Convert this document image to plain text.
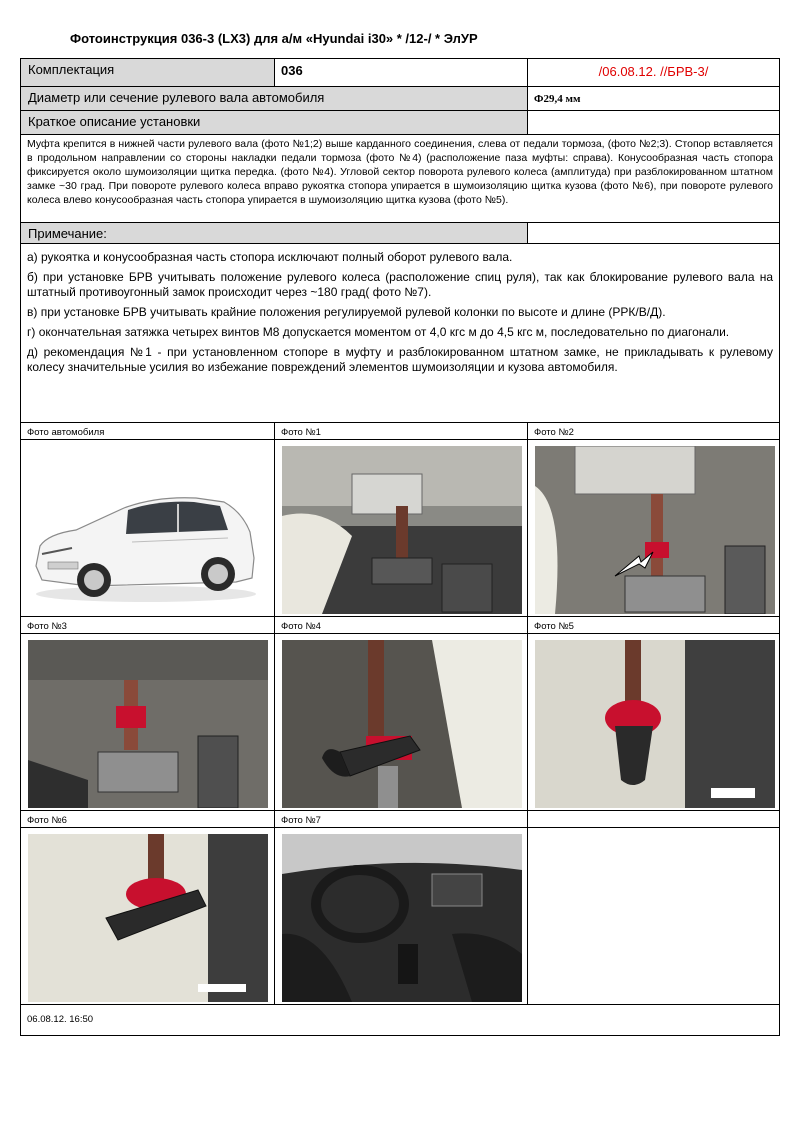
Фотоинструкция 036-3 (LX3) для а/м «Hyundai i30» * /12-/ * ЭлУР
Комплектация	036	/06.08.12. //БРВ-3/
Диаметр или сечение рулевого вала автомобиля		Ф29,4 мм
Краткое описание установки		
Муфта крепится в нижней части рулевого вала (фото №1;2) выше карданного соединения, слева от педали тормоза, (фото №2;3). Стопор вставляется в продольном направлении со стороны накладки педали тормоза (фото №4) (расположение паза муфты: справа). Конусообразная часть стопора фиксируется около шумоизоляции щитка передка. (фото №4). Угловой сектор поворота рулевого колеса (амплитуда) при разблокированном штатном замке ~30 град. При повороте рулевого колеса вправо рукоятка стопора упирается в шумоизоляцию щитка кузова (фото №6), при повороте рулевого колеса влево конусообразная часть стопора упирается в шумоизоляцию щитка кузова (фото №5).		
Примечание:		

а) рукоятка и конусообразная часть стопора исключают полный оборот рулевого вала.

б) при установке БРВ учитывать положение рулевого колеса (расположение спиц руля), так как блокирование рулевого вала на штатный противоугонный замок происходит через ~180 град( фото №7).

в) при установке БРВ учитывать крайние положения регулируемой рулевой колонки по высоте и длине (РРК/В/Д).

г) окончательная затяжка четырех винтов М8 допускается моментом от 4,0 кгс м до 4,5 кгс м, последовательно по диагонали.

д) рекомендация №1 - при установленном стопоре в муфту и разблокированном штатном замке, не прикладывать к рулевому колесу значительные усилия во избежание повреждений элементов шумоизоляции и кузова автомобиля.		

Фото автомобиля	Фото №1	Фото №2

Фото №3	Фото №4	Фото №5

Фото №6	Фото №7	

06.08.12. 16:50		
